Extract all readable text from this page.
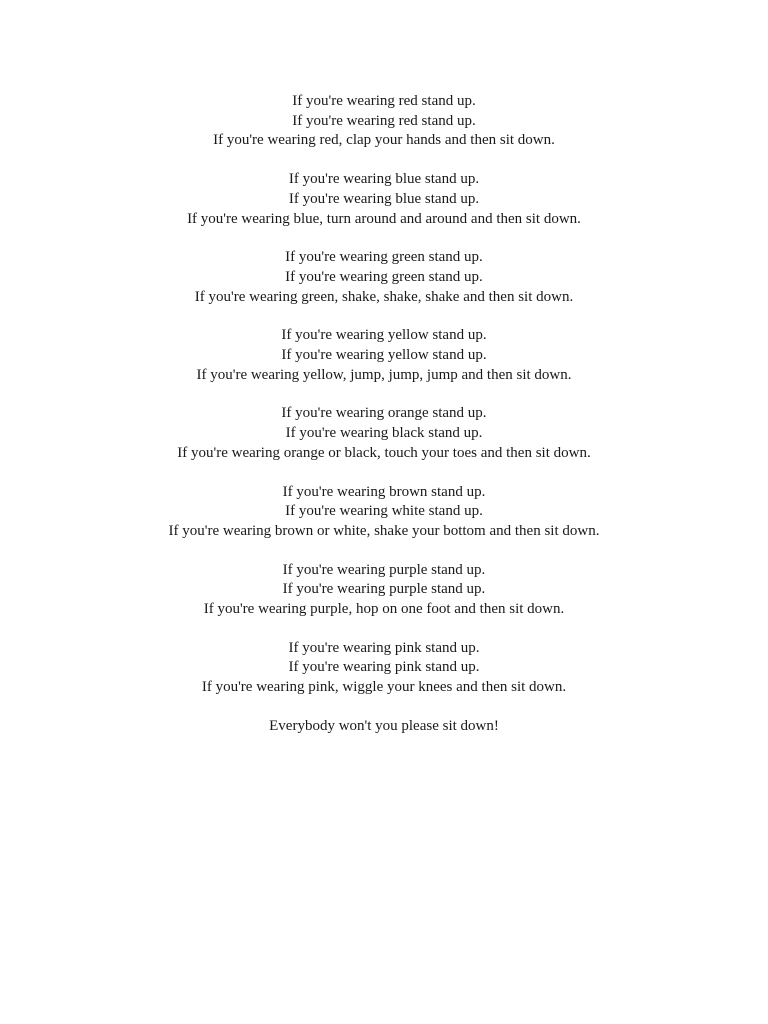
If you're wearing red stand up.
If you're wearing red stand up.
If you're wearing red, clap your hands and then sit down.
If you're wearing blue stand up.
If you're wearing blue stand up.
If you're wearing blue, turn around and around and then sit down.
If you're wearing green stand up.
If you're wearing green stand up.
If you're wearing green, shake, shake, shake and then sit down.
If you're wearing yellow stand up.
If you're wearing yellow stand up.
If you're wearing yellow, jump, jump, jump and then sit down.
If you're wearing orange stand up.
If you're wearing black stand up.
If you're wearing orange or black, touch your toes and then sit down.
If you're wearing brown stand up.
If you're wearing white stand up.
If you're wearing brown or white, shake your bottom and then sit down.
If you're wearing purple stand up.
If you're wearing purple stand up.
If you're wearing purple, hop on one foot and then sit down.
If you're wearing pink stand up.
If you're wearing pink stand up.
If you're wearing pink, wiggle your knees and then sit down.
Everybody won't you please sit down!
